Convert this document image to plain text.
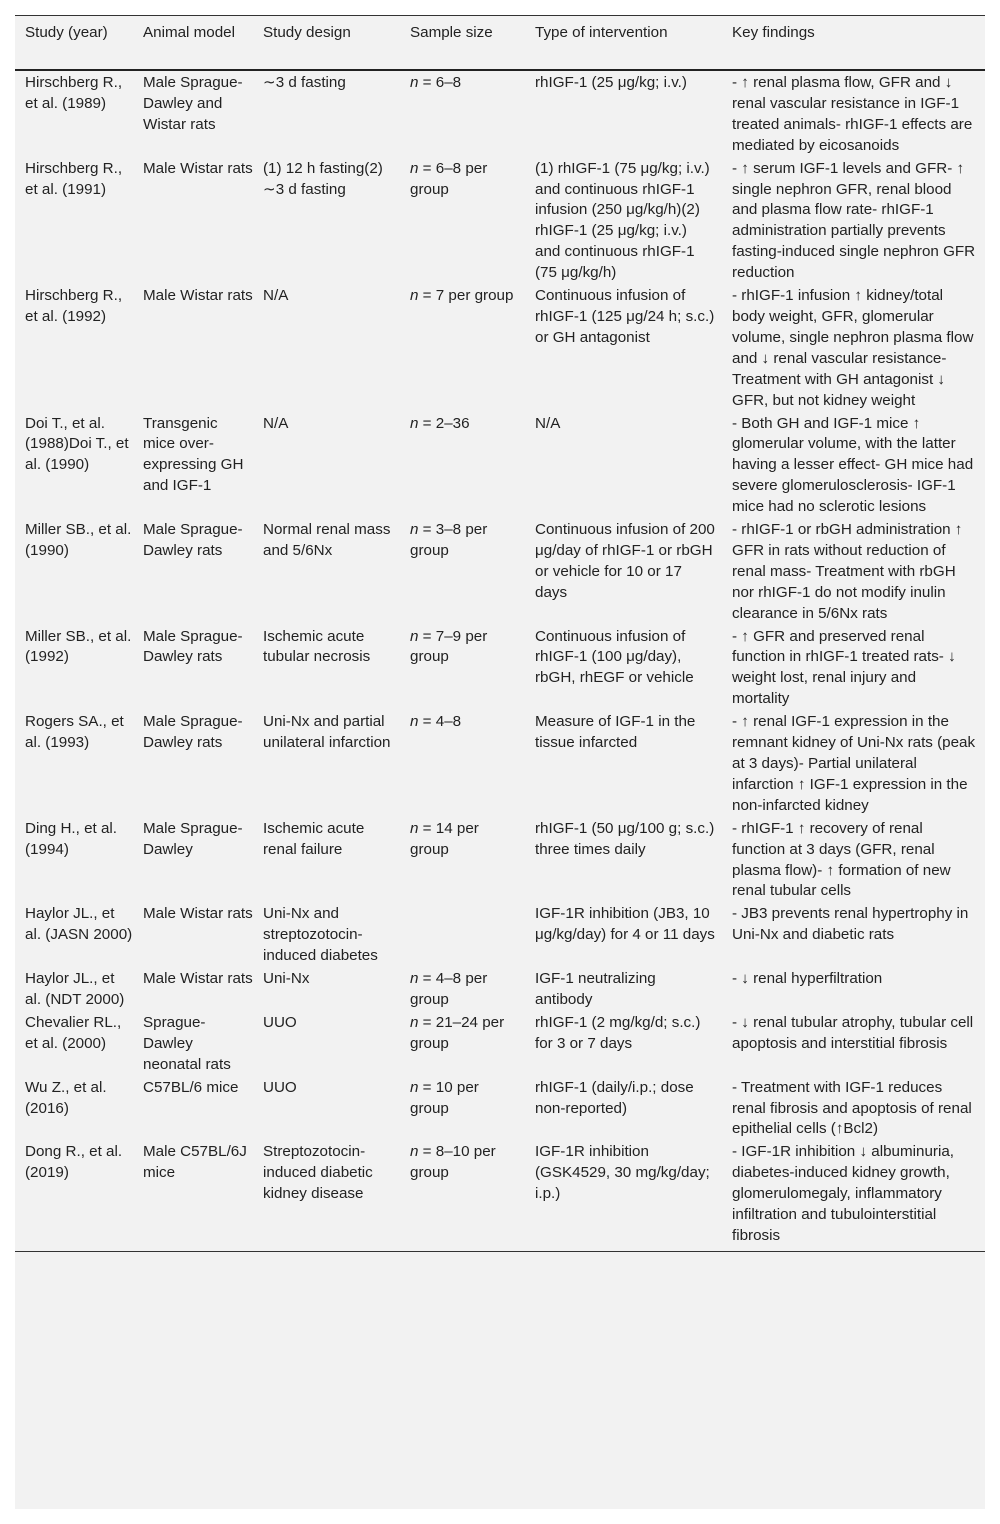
Study (year)	Animal model	Study design	Sample size	Type of intervention	Key findings
Hirschberg R., et al. (1989)	Male Sprague-Dawley and Wistar rats	∼3 d fasting	n = 6–8	rhIGF-1 (25 μg/kg; i.v.)	- ↑ renal plasma flow, GFR and ↓ renal vascular resistance in IGF-1 treated animals- rhIGF-1 effects are mediated by eicosanoids
Hirschberg R., et al. (1991)	Male Wistar rats	(1) 12 h fasting(2) ∼3 d fasting	n = 6–8 per group	(1) rhIGF-1 (75 μg/kg; i.v.) and continuous rhIGF-1 infusion (250 μg/kg/h)(2) rhIGF-1 (25 μg/kg; i.v.) and continuous rhIGF-1 (75 μg/kg/h)	- ↑ serum IGF-1 levels and GFR- ↑ single nephron GFR, renal blood and plasma flow rate- rhIGF-1 administration partially prevents fasting-induced single nephron GFR reduction
Hirschberg R., et al. (1992)	Male Wistar rats	N/A	n = 7 per group	Continuous infusion of rhIGF-1 (125 μg/24 h; s.c.) or GH antagonist	- rhIGF-1 infusion ↑ kidney/total body weight, GFR, glomerular volume, single nephron plasma flow and ↓ renal vascular resistance- Treatment with GH antagonist ↓ GFR, but not kidney weight
Doi T., et al. (1988)Doi T., et al. (1990)	Transgenic mice over-expressing GH and IGF-1	N/A	n = 2–36	N/A	- Both GH and IGF-1 mice ↑ glomerular volume, with the latter having a lesser effect- GH mice had severe glomerulosclerosis- IGF-1 mice had no sclerotic lesions
Miller SB., et al. (1990)	Male Sprague-Dawley rats	Normal renal mass and 5/6Nx	n = 3–8 per group	Continuous infusion of 200 μg/day of rhIGF-1 or rbGH or vehicle for 10 or 17 days	- rhIGF-1 or rbGH administration ↑ GFR in rats without reduction of renal mass- Treatment with rbGH nor rhIGF-1 do not modify inulin clearance in 5/6Nx rats
Miller SB., et al. (1992)	Male Sprague-Dawley rats	Ischemic acute tubular necrosis	n = 7–9 per group	Continuous infusion of rhIGF-1 (100 μg/day), rbGH, rhEGF or vehicle	- ↑ GFR and preserved renal function in rhIGF-1 treated rats- ↓ weight lost, renal injury and mortality
Rogers SA., et al. (1993)	Male Sprague-Dawley rats	Uni-Nx and partial unilateral infarction	n = 4–8	Measure of IGF-1 in the tissue infarcted	- ↑ renal IGF-1 expression in the remnant kidney of Uni-Nx rats (peak at 3 days)- Partial unilateral infarction ↑ IGF-1 expression in the non-infarcted kidney
Ding H., et al. (1994)	Male Sprague-Dawley	Ischemic acute renal failure	n = 14 per group	rhIGF-1 (50 μg/100 g; s.c.) three times daily	- rhIGF-1 ↑ recovery of renal function at 3 days (GFR, renal plasma flow)- ↑ formation of new renal tubular cells
Haylor JL., et al. (JASN 2000)	Male Wistar rats	Uni-Nx and streptozotocin-induced diabetes		IGF-1R inhibition (JB3, 10 μg/kg/day) for 4 or 11 days	- JB3 prevents renal hypertrophy in Uni-Nx and diabetic rats
Haylor JL., et al. (NDT 2000)	Male Wistar rats	Uni-Nx	n = 4–8 per group	IGF-1 neutralizing antibody	- ↓ renal hyperfiltration
Chevalier RL., et al. (2000)	Sprague-Dawley neonatal rats	UUO	n = 21–24 per group	rhIGF-1 (2 mg/kg/d; s.c.) for 3 or 7 days	- ↓ renal tubular atrophy, tubular cell apoptosis and interstitial fibrosis
Wu Z., et al. (2016)	C57BL/6 mice	UUO	n = 10 per group	rhIGF-1 (daily/i.p.; dose non-reported)	- Treatment with IGF-1 reduces renal fibrosis and apoptosis of renal epithelial cells (↑Bcl2)
Dong R., et al. (2019)	Male C57BL/6J mice	Streptozotocin-induced diabetic kidney disease	n = 8–10 per group	IGF-1R inhibition (GSK4529, 30 mg/kg/day; i.p.)	- IGF-1R inhibition ↓ albuminuria, diabetes-induced kidney growth, glomerulomegaly, inflammatory infiltration and tubulointerstitial fibrosis
